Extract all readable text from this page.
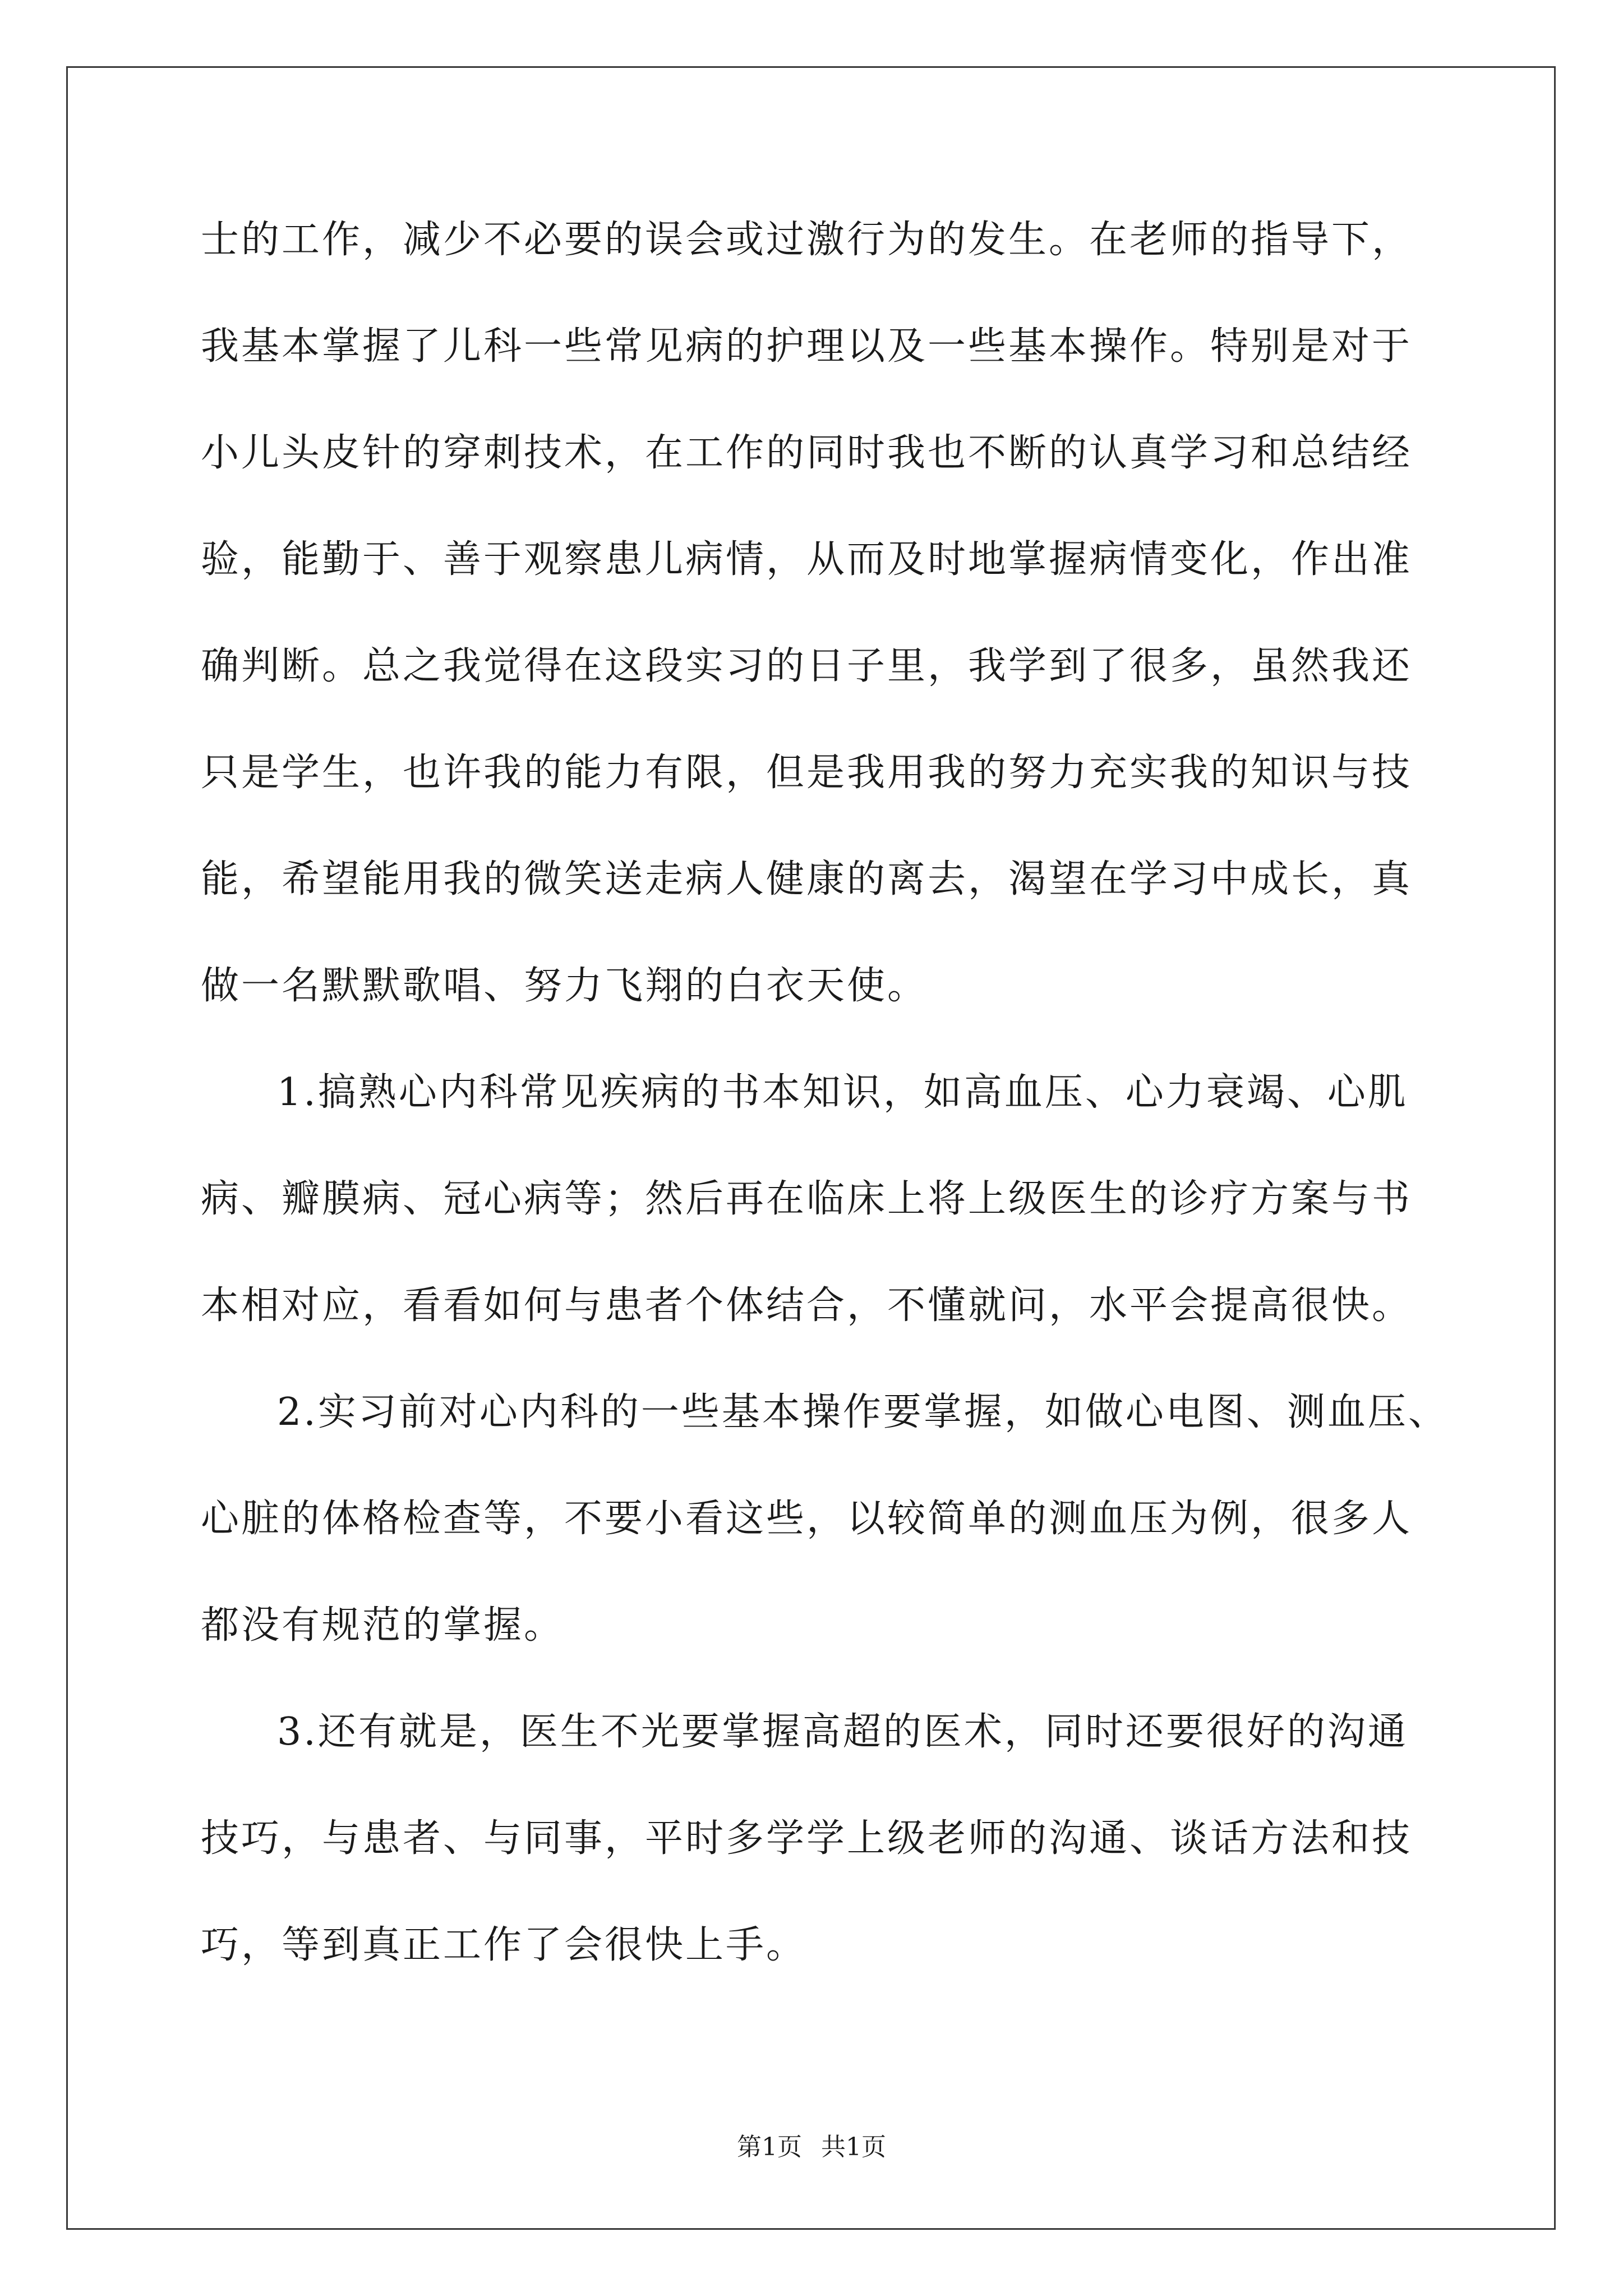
士的工作，减少不必要的误会或过激行为的发生。在老师的指导下，
我基本掌握了儿科一些常见病的护理以及一些基本操作。特别是对于
小儿头皮针的穿刺技术，在工作的同时我也不断的认真学习和总结经
验，能勤于、善于观察患儿病情，从而及时地掌握病情变化，作出准
确判断。总之我觉得在这段实习的日子里，我学到了很多，虽然我还
只是学生，也许我的能力有限，但是我用我的努力充实我的知识与技
能，希望能用我的微笑送走病人健康的离去，渴望在学习中成长，真
做一名默默歌唱、努力飞翔的白衣天使。
1.搞熟心内科常见疾病的书本知识，如高血压、心力衰竭、心肌
病、瓣膜病、冠心病等；然后再在临床上将上级医生的诊疗方案与书
本相对应，看看如何与患者个体结合，不懂就问，水平会提高很快。
2.实习前对心内科的一些基本操作要掌握，如做心电图、测血压、
心脏的体格检查等，不要小看这些，以较简单的测血压为例，很多人
都没有规范的掌握。
3.还有就是，医生不光要掌握高超的医术，同时还要很好的沟通
技巧，与患者、与同事，平时多学学上级老师的沟通、谈话方法和技
巧，等到真正工作了会很快上手。
第1页 共1页
